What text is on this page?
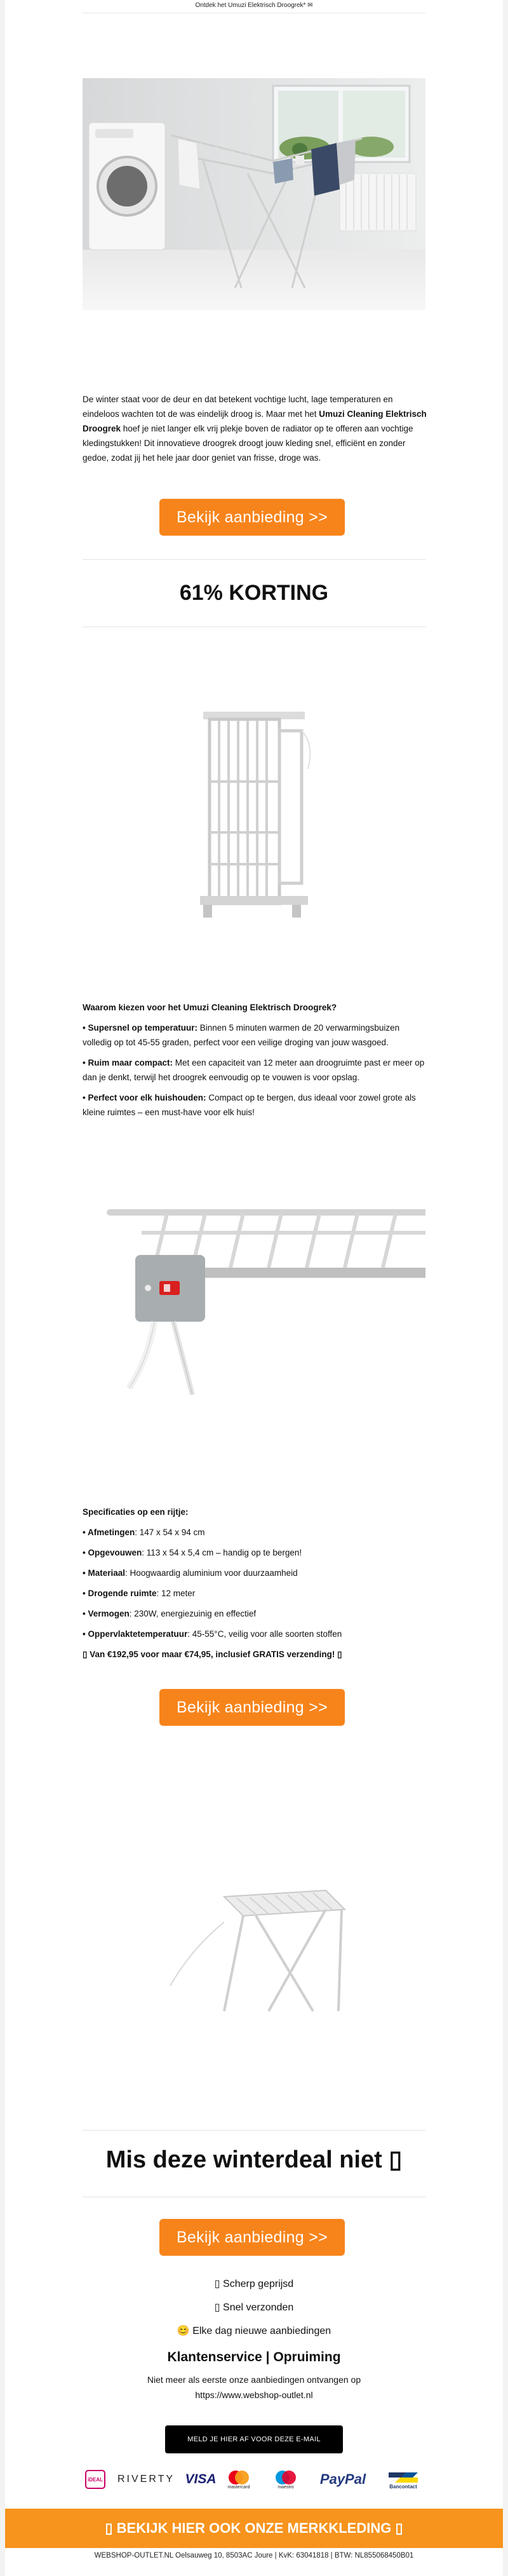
Ontdek het Umuzi Elektrisch Droogrek* ✉
De winter staat voor de deur en dat betekent vochtige lucht, lage temperaturen en eindeloos wachten tot de was eindelijk droog is. Maar met het Umuzi Cleaning Elektrisch Droogrek hoef je niet langer elk vrij plekje boven de radiator op te offeren aan vochtige kledingstukken! Dit innovatieve droogrek droogt jouw kleding snel, efficiënt en zonder gedoe, zodat jij het hele jaar door geniet van frisse, droge was.
Bekijk aanbieding >>
61% KORTING
Waarom kiezen voor het Umuzi Cleaning Elektrisch Droogrek?
• Supersnel op temperatuur: Binnen 5 minuten warmen de 20 verwarmingsbuizen volledig op tot 45-55 graden, perfect voor een veilige droging van jouw wasgoed.
• Ruim maar compact: Met een capaciteit van 12 meter aan droogruimte past er meer op dan je denkt, terwijl het droogrek eenvoudig op te vouwen is voor opslag.
• Perfect voor elk huishouden: Compact op te bergen, dus ideaal voor zowel grote als kleine ruimtes – een must-have voor elk huis!
Specificaties op een rijtje:
• Afmetingen: 147 x 54 x 94 cm
• Opgevouwen: 113 x 54 x 5,4 cm – handig op te bergen!
• Materiaal: Hoogwaardig aluminium voor duurzaamheid
• Drogende ruimte: 12 meter
• Vermogen: 230W, energiezuinig en effectief
• Oppervlaktetemperatuur: 45-55°C, veilig voor alle soorten stoffen
▯ Van €192,95 voor maar €74,95, inclusief GRATIS verzending! ▯
Bekijk aanbieding >>
Mis deze winterdeal niet ▯
Bekijk aanbieding >>
▯ Scherp geprijsd
▯ Snel verzonden
😊 Elke dag nieuwe aanbiedingen
Klantenservice | Opruiming
Niet meer als eerste onze aanbiedingen ontvangen op https://www.webshop-outlet.nl
MELD JE HIER AF VOOR DEZE E-MAIL
iDEAL RIVERTY VISA
mastercard	maestro PayPal	Bancontact
▯ BEKIJK HIER OOK ONZE MERKKLEDING ▯
WEBSHOP-OUTLET.NL Oelsauweg 10, 8503AC Joure | KvK: 63041818 | BTW: NL855068450B01
